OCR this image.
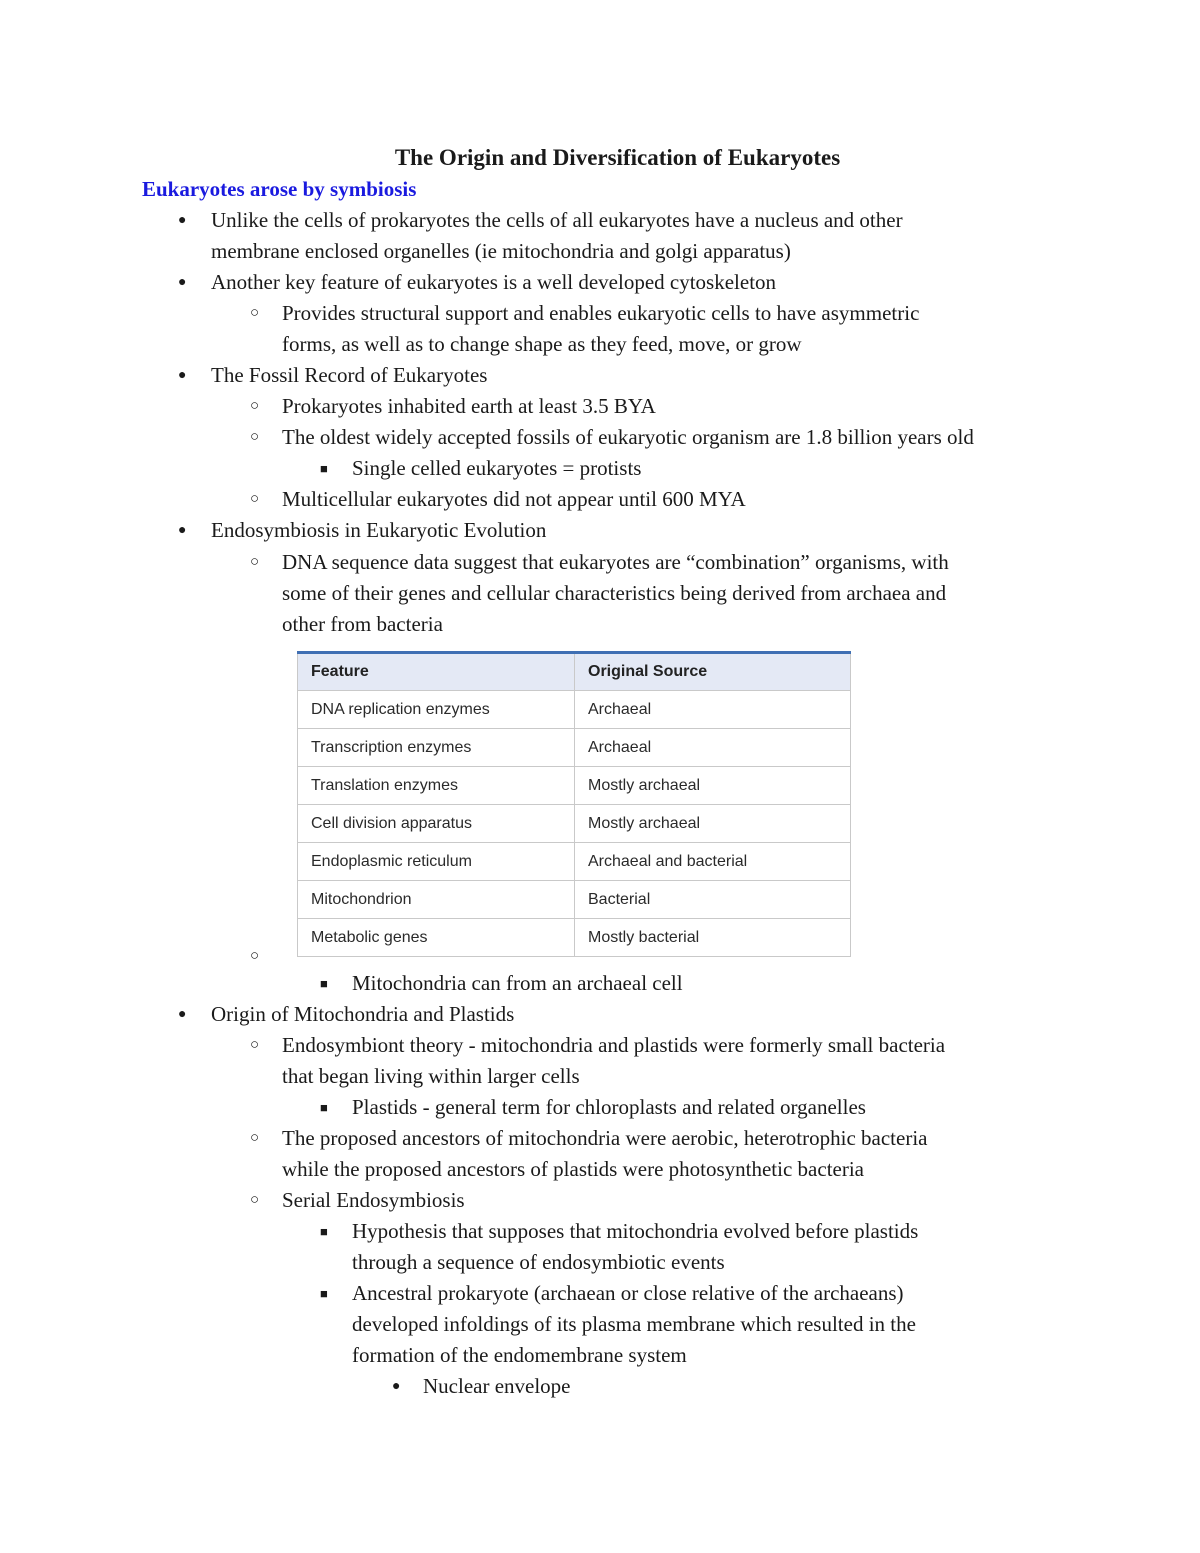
The Origin and Diversification of Eukaryotes
Eukaryotes arose by symbiosis
● Unlike the cells of prokaryotes the cells of all eukaryotes have a nucleus and other
membrane enclosed organelles (ie mitochondria and golgi apparatus)
● Another key feature of eukaryotes is a well developed cytoskeleton
○ Provides structural support and enables eukaryotic cells to have asymmetric
forms, as well as to change shape as they feed, move, or grow
● The Fossil Record of Eukaryotes
○ Prokaryotes inhabited earth at least 3.5 BYA
○ The oldest widely accepted fossils of eukaryotic organism are 1.8 billion years old
■ Single celled eukaryotes = protists
○ Multicellular eukaryotes did not appear until 600 MYA
● Endosymbiosis in Eukaryotic Evolution
○ DNA sequence data suggest that eukaryotes are “combination” organisms, with
some of their genes and cellular characteristics being derived from archaea and
other from bacteria
Feature	Original Source
DNA replication enzymes	Archaeal
Transcription enzymes	Archaeal
Translation enzymes	Mostly archaeal
Cell division apparatus	Mostly archaeal
Endoplasmic reticulum	Archaeal and bacterial
Mitochondrion	Bacterial
Metabolic genes	Mostly bacterial
○
■ Mitochondria can from an archaeal cell
● Origin of Mitochondria and Plastids
○ Endosymbiont theory - mitochondria and plastids were formerly small bacteria
that began living within larger cells
■ Plastids - general term for chloroplasts and related organelles
○ The proposed ancestors of mitochondria were aerobic, heterotrophic bacteria
while the proposed ancestors of plastids were photosynthetic bacteria
○ Serial Endosymbiosis
■ Hypothesis that supposes that mitochondria evolved before plastids
through a sequence of endosymbiotic events
■ Ancestral prokaryote (archaean or close relative of the archaeans)
developed infoldings of its plasma membrane which resulted in the
formation of the endomembrane system
● Nuclear envelope
